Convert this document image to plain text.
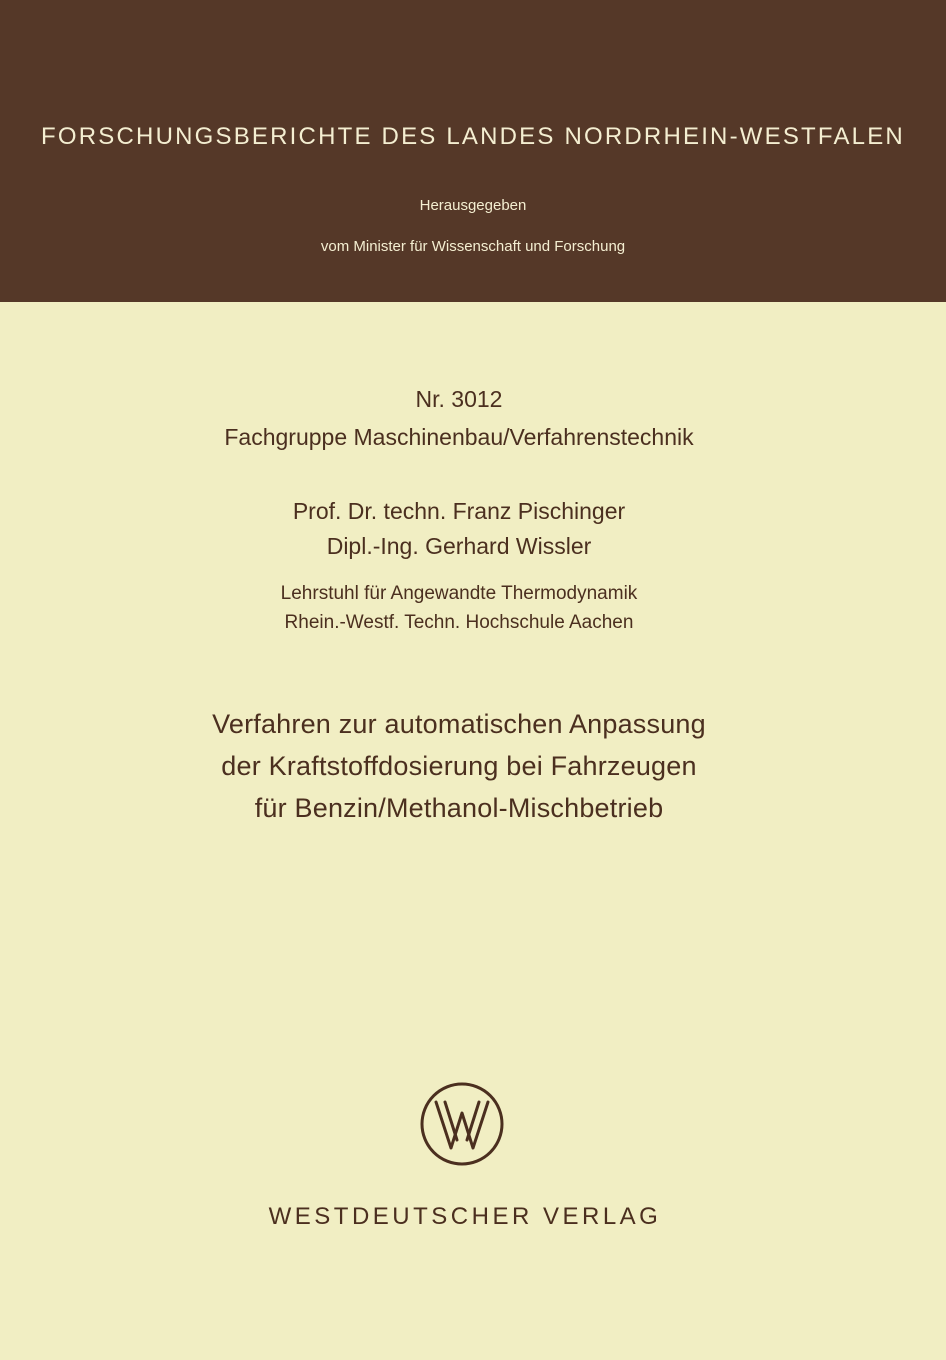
FORSCHUNGSBERICHTE DES LANDES NORDRHEIN-WESTFALEN
Herausgegeben
vom Minister für Wissenschaft und Forschung
Nr. 3012
Fachgruppe Maschinenbau/Verfahrenstechnik
Prof. Dr. techn. Franz Pischinger
Dipl.-Ing. Gerhard Wissler
Lehrstuhl für Angewandte Thermodynamik
Rhein.-Westf. Techn. Hochschule Aachen
Verfahren zur automatischen Anpassung
der Kraftstoffdosierung bei Fahrzeugen
für Benzin/Methanol-Mischbetrieb
WESTDEUTSCHER VERLAG
